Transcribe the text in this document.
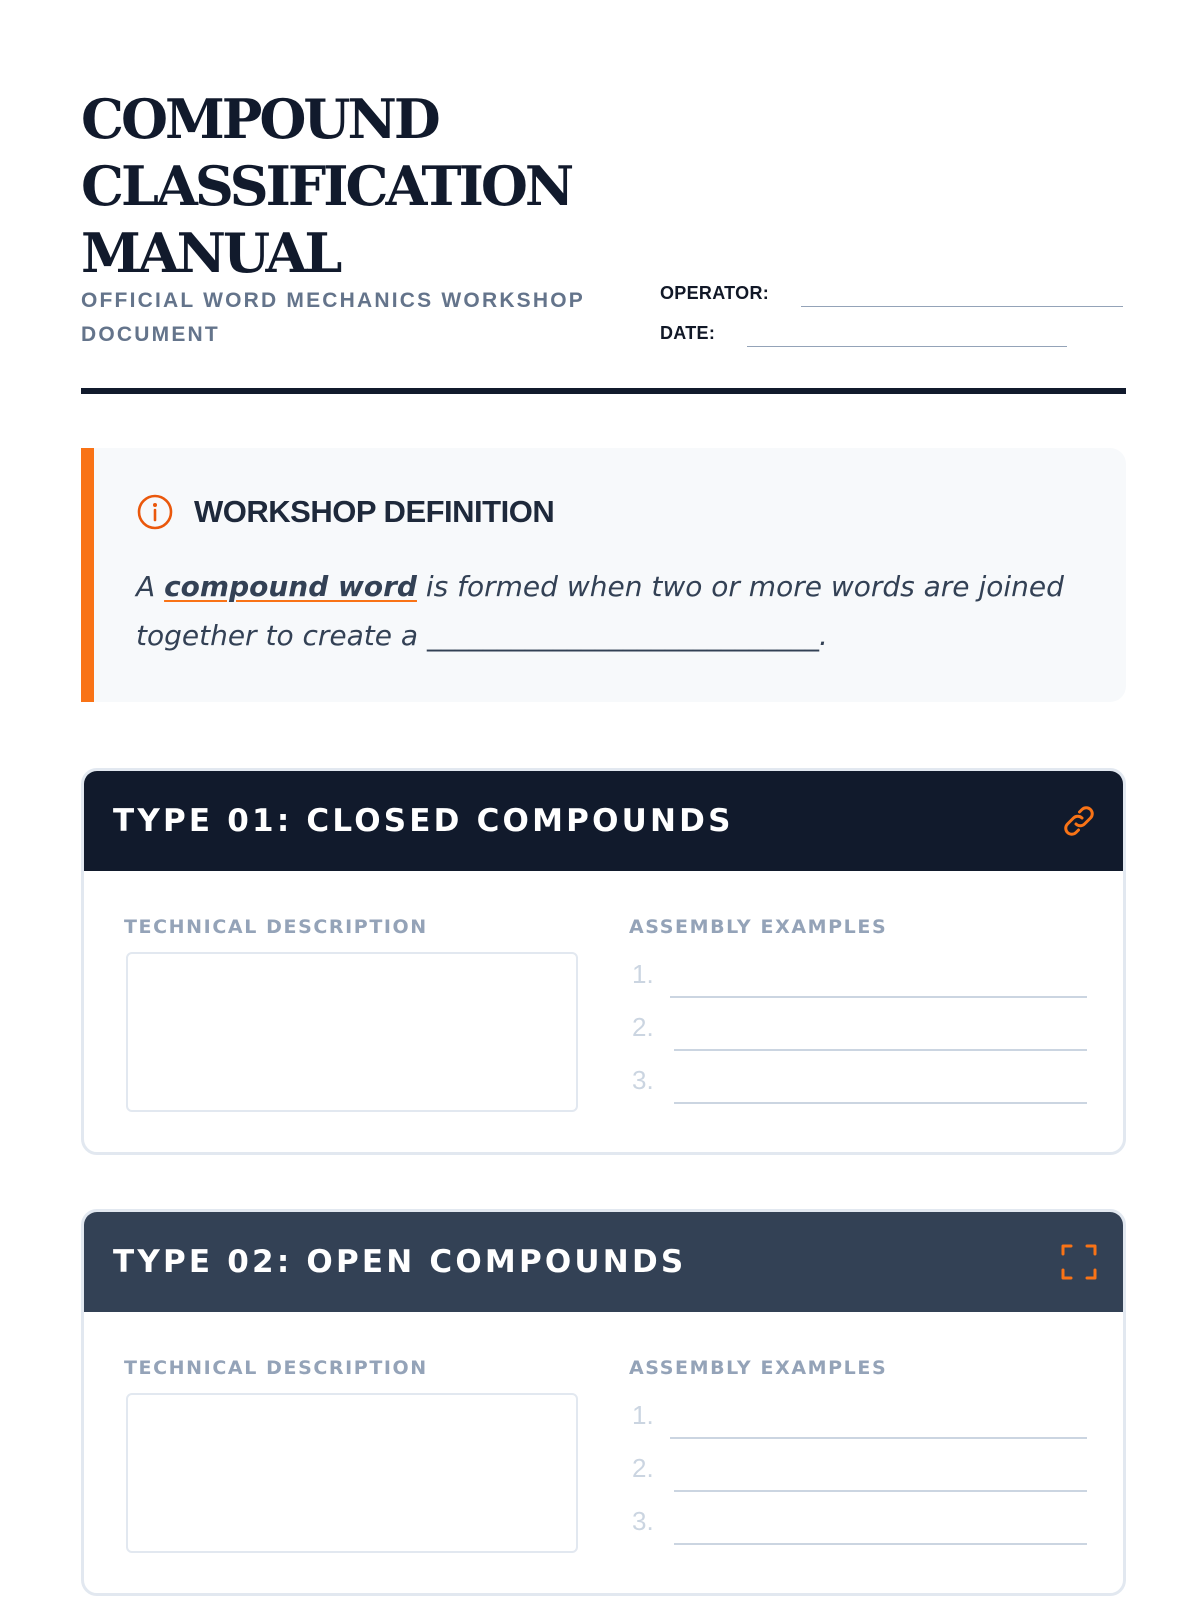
COMPOUND
CLASSIFICATION
MANUAL
OFFICIAL WORD MECHANICS WORKSHOP DOCUMENT
OPERATOR:
DATE:
WORKSHOP DEFINITION
A compound word is formed when two or more words are joined together to create a ____________________________.
TYPE 01: CLOSED COMPOUNDS
TECHNICAL DESCRIPTION	ASSEMBLY EXAMPLES
1.
2.
3.
TYPE 02: OPEN COMPOUNDS
TECHNICAL DESCRIPTION	ASSEMBLY EXAMPLES
1.
2.
3.
